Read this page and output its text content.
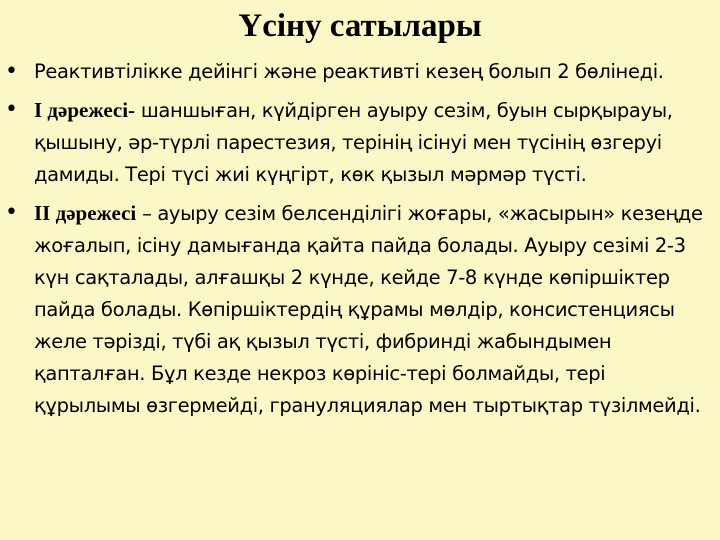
Үсіну сатылары
• Реактивтілікке дейінгі және реактивті кезең болып 2 бөлінеді.
• I дәрежесі- шаншыған, күйдірген ауыру сезім, буын сырқырауы, қышыну, әр-түрлі парестезия, терінің ісінуі мен түсінің өзгеруі дамиды. Тері түсі жиі күңгірт, көк қызыл мәрмәр түсті.
• II дәрежесі – ауыру сезім белсенділігі жоғары, «жасырын» кезеңде жоғалып, ісіну дамығанда қайта пайда болады. Ауыру сезімі 2-3 күн сақталады, алғашқы 2 күнде, кейде 7-8 күнде көпіршіктер пайда болады. Көпіршіктердің құрамы мөлдір, консистенциясы желе тәрізді, түбі ақ қызыл түсті, фибринді жабындымен қапталған. Бұл кезде некроз көрініс-тері болмайды, тері құрылымы өзгермейді, грануляциялар мен тыртықтар түзілмейді.
